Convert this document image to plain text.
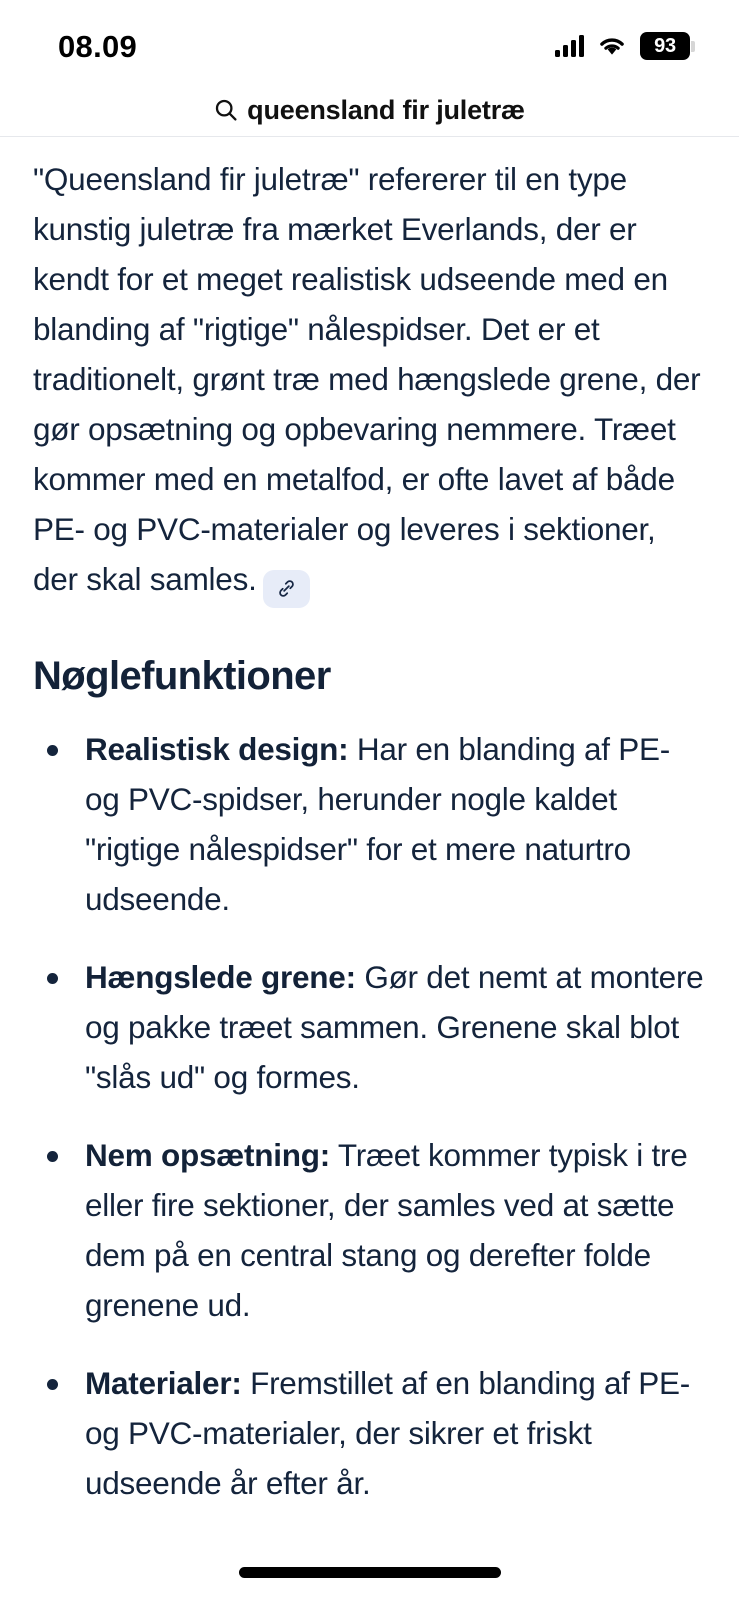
08.09	93
queensland fir juletræ

"Queensland fir juletræ" refererer til en type kunstig juletræ fra mærket Everlands, der er kendt for et meget realistisk udseende med en blanding af "rigtige" nålespidser. Det er et traditionelt, grønt træ med hængslede grene, der gør opsætning og opbevaring nemmere. Træet kommer med en metalfod, er ofte lavet af både PE- og PVC-materialer og leveres i sektioner, der skal samles.

Nøglefunktioner
Realistisk design: Har en blanding af PE- og PVC-spidser, herunder nogle kaldet "rigtige nålespidser" for et mere naturtro udseende.
Hængslede grene: Gør det nemt at montere og pakke træet sammen. Grenene skal blot "slås ud" og formes.
Nem opsætning: Træet kommer typisk i tre eller fire sektioner, der samles ved at sætte dem på en central stang og derefter folde grenene ud.
Materialer: Fremstillet af en blanding af PE- og PVC-materialer, der sikrer et friskt udseende år efter år.
